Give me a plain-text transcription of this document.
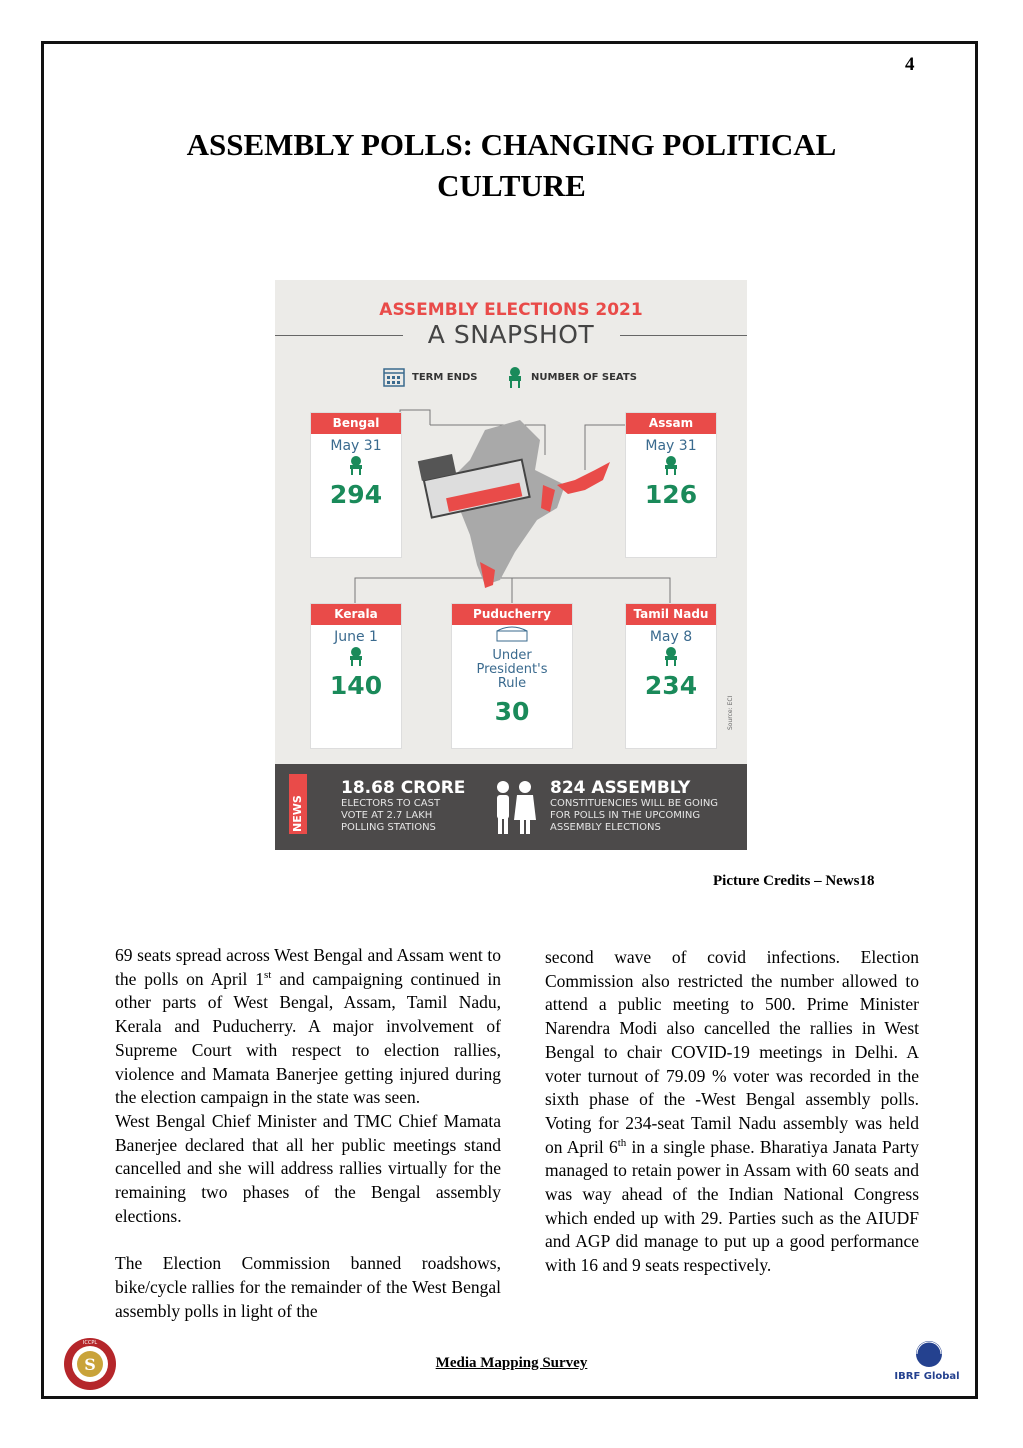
4
ASSEMBLY POLLS: CHANGING POLITICAL
CULTURE
ASSEMBLY ELECTIONS 2021
A SNAPSHOT
TERM ENDS	NUMBER OF SEATS
Bengal
May 31
294
Assam
May 31
126
Kerala
June 1
140
Puducherry
Under
President's
Rule
30
Tamil Nadu
May 8
234
Source: ECI
NEWS
18.68 CRORE
ELECTORS TO CAST
VOTE AT 2.7 LAKH
POLLING STATIONS
824 ASSEMBLY
CONSTITUENCIES WILL BE GOING
FOR POLLS IN THE UPCOMING
ASSEMBLY ELECTIONS
Picture Credits – News18

69 seats spread across West Bengal and Assam went to the polls on April 1st and campaigning continued in other parts of West Bengal, Assam, Tamil Nadu, Kerala and Puducherry. A major involvement of Supreme Court with respect to election rallies, violence and Mamata Banerjee getting injured during the election campaign in the state was seen.

West Bengal Chief Minister and TMC Chief Mamata Banerjee declared that all her public meetings stand cancelled and she will address rallies virtually for the remaining two phases of the Bengal assembly elections.

The Election Commission banned roadshows, bike/cycle rallies for the remainder of the West Bengal assembly polls in light of the

second wave of covid infections. Election Commission also restricted the number allowed to attend a public meeting to 500. Prime Minister Narendra Modi also cancelled the rallies in West Bengal to chair COVID-19 meetings in Delhi. A voter turnout of 79.09 % voter was recorded in the sixth phase of the -West Bengal assembly polls. Voting for 234-seat Tamil Nadu assembly was held on April 6th in a single phase. Bharatiya Janata Party managed to retain power in Assam with 60 seats and was way ahead of the Indian National Congress which ended up with 29. Parties such as the AIUDF and AGP did manage to put up a good performance with 16 and 9 seats respectively.

Media Mapping Survey
S
ICCPL
IBRF Global
